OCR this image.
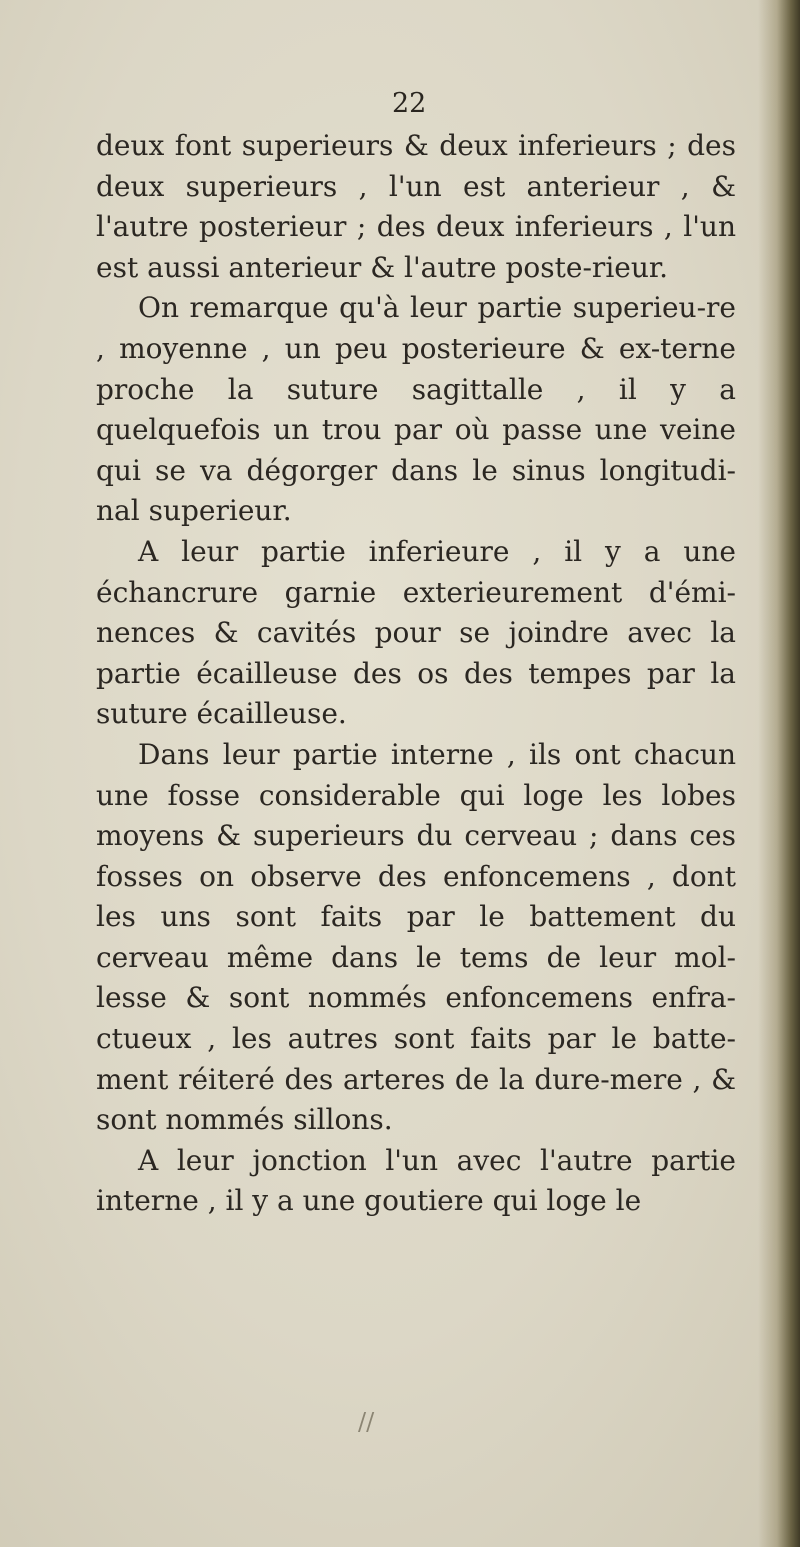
22

deux font superieurs & deux inferieurs ; des deux superieurs , l'un est anterieur , & l'autre posterieur ; des deux inferieurs , l'un est aussi anterieur & l'autre poste-rieur.

On remarque qu'à leur partie superieu-re , moyenne , un peu posterieure & ex-terne proche la suture sagittalle , il y a quelquefois un trou par où passe une veine qui se va dégorger dans le sinus longitudi-nal superieur.

A leur partie inferieure , il y a une échancrure garnie exterieurement d'émi-nences & cavités pour se joindre avec la partie écailleuse des os des tempes par la suture écailleuse.

Dans leur partie interne , ils ont chacun une fosse considerable qui loge les lobes moyens & superieurs du cerveau ; dans ces fosses on observe des enfoncemens , dont les uns sont faits par le battement du cerveau même dans le tems de leur mol-lesse & sont nommés enfoncemens enfra-ctueux , les autres sont faits par le batte-ment réiteré des arteres de la dure-mere , & sont nommés sillons.

A leur jonction l'un avec l'autre partie interne , il y a une goutiere qui loge le

//
